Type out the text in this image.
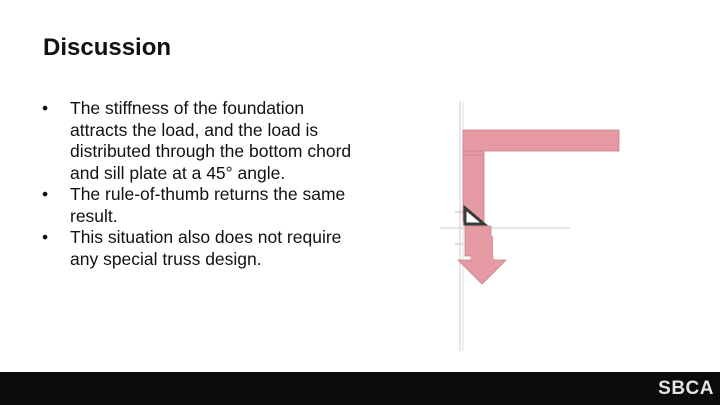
Discussion
• The stiffness of the foundation attracts the load, and the load is distributed through the bottom chord and sill plate at a 45° angle.
• The rule-of-thumb returns the same result.
• This situation also does not require any special truss design.
SBCA
